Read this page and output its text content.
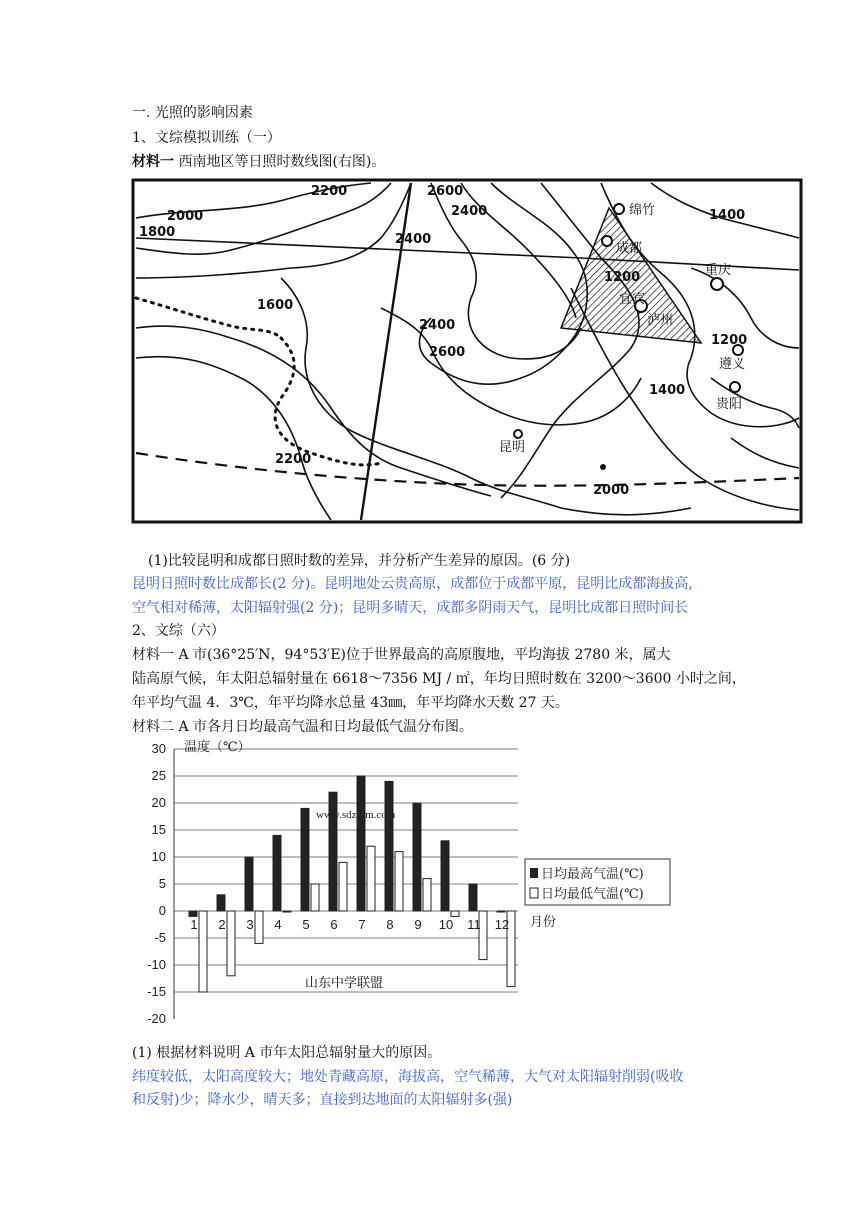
一. 光照的影响因素
1、文综模拟训练（一）
材料一 西南地区等日照时数线图(右图)。
2200	2600
2400
2000
1800	2400
1600
2400
2600
2200
2000
1400
1200
1200
1400
绵竹
成都
重庆
宜宾
泸州
遵义
贵阳
昆明
(1)比较昆明和成都日照时数的差异，并分析产生差异的原因。(6 分)
昆明日照时数比成都长(2 分)。昆明地处云贵高原，成都位于成都平原，昆明比成都海拔高,
空气相对稀薄，太阳辐射强(2 分)；昆明多晴天，成都多阴雨天气，昆明比成都日照时间长
2、文综（六）
材料一 A 市(36°25′N，94°53′E)位于世界最高的高原腹地，平均海拔 2780 米，属大
陆高原气候，年太阳总辐射量在 6618～7356 MJ / ㎡，年均日照时数在 3200～3600 小时之间，
年平均气温 4．3℃，年平均降水总量 43㎜，年平均降水天数 27 天。
材料二 A 市各月日均最高气温和日均最低气温分布图。
30
25
20
15
10
5
0
-5
-10
-15
-20
1 2 3 4 5 6 7 8 9 10 11 12
温度（℃）
月份
www.sdzxlm.com
山东中学联盟
日均最高气温(℃)
日均最低气温(℃)
(1) 根据材料说明 A 市年太阳总辐射量大的原因。
纬度较低，太阳高度较大；地处青藏高原，海拔高，空气稀薄，大气对太阳辐射削弱(吸收
和反射)少；降水少，晴天多；直接到达地面的太阳辐射多(强)
